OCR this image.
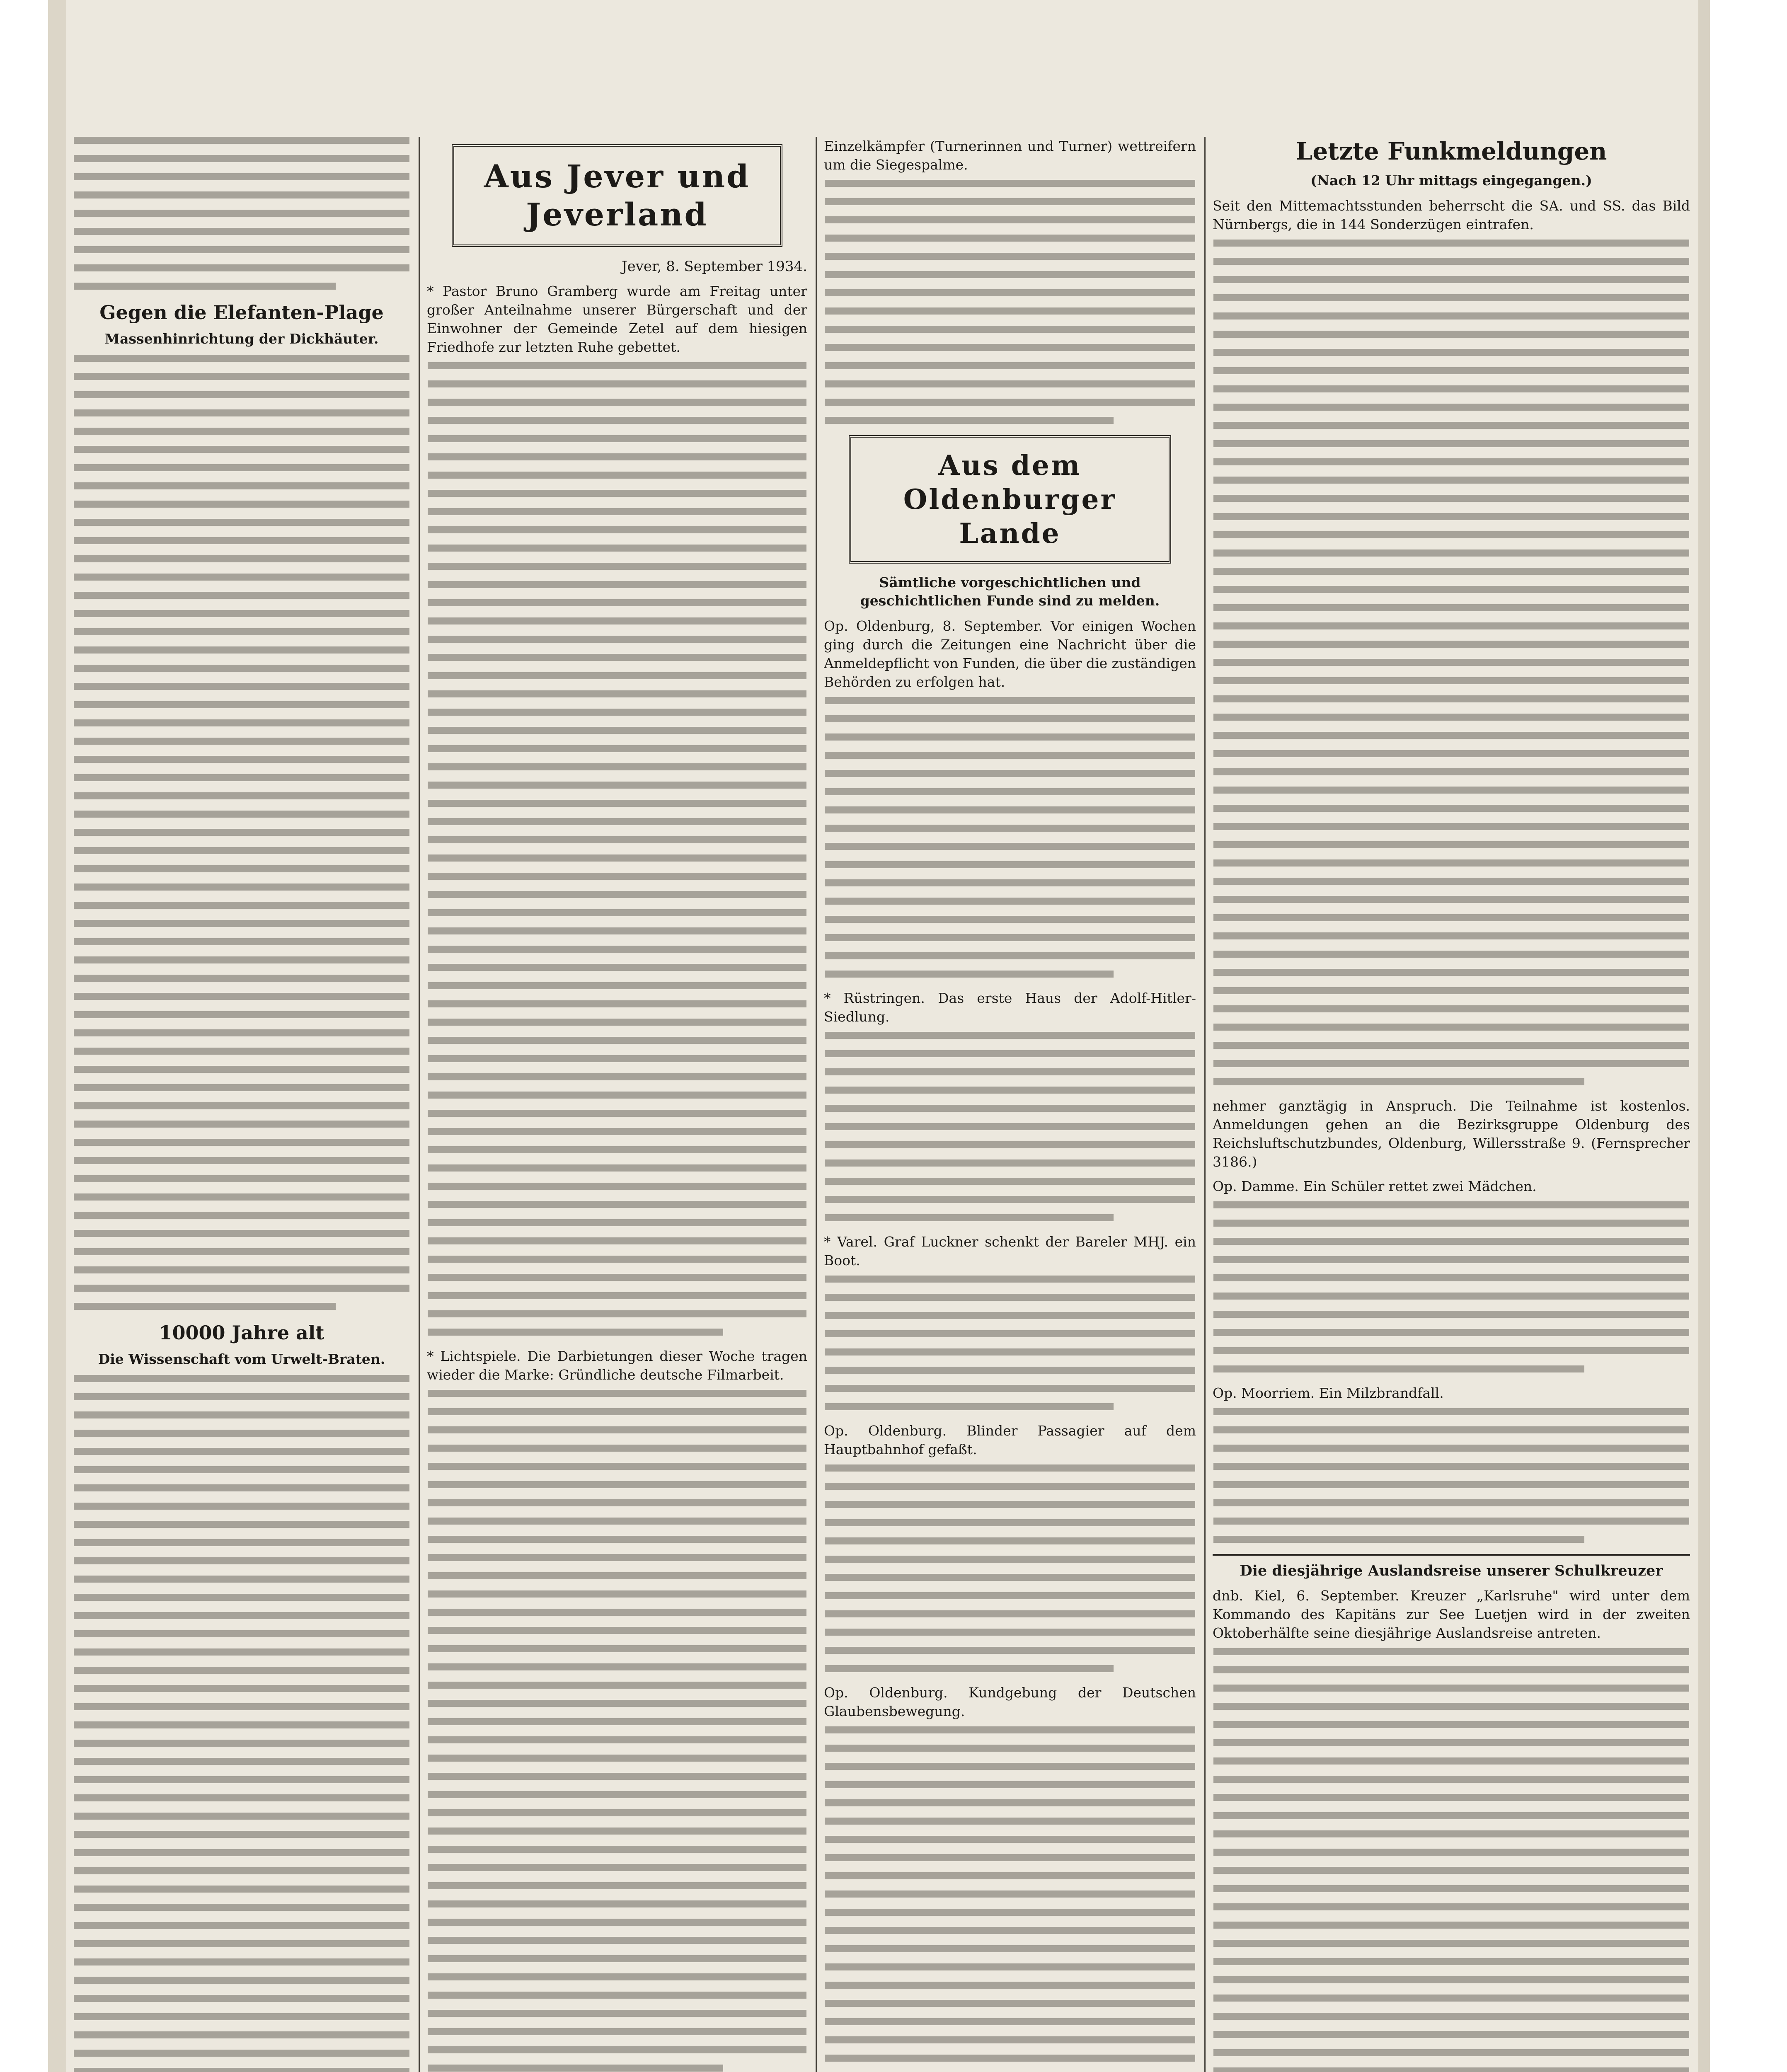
Gegen die Elefanten-Plage

Massenhinrichtung der Dickhäuter.

10000 Jahre alt

Die Wissenschaft vom Urwelt-Braten.

Aus Jever und Jeverland

Jever, 8. September 1934.

* Pastor Bruno Gramberg wurde am Freitag unter großer Anteilnahme unserer Bürgerschaft und der Einwohner der Gemeinde Zetel auf dem hiesigen Friedhofe zur letzten Ruhe gebettet.

* Lichtspiele. Die Darbietungen dieser Woche tragen wieder die Marke: Gründliche deutsche Filmarbeit.

Einzelkämpfer (Turnerinnen und Turner) wettreifern um die Siegespalme.

Aus dem Oldenburger Lande

Sämtliche vorgeschichtlichen und geschichtlichen Funde sind zu melden.

Op. Oldenburg, 8. September. Vor einigen Wochen ging durch die Zeitungen eine Nachricht über die Anmeldepflicht von Funden, die über die zuständigen Behörden zu erfolgen hat.

* Rüstringen. Das erste Haus der Adolf-Hitler-Siedlung.

* Varel. Graf Luckner schenkt der Bareler MHJ. ein Boot.

Op. Oldenburg. Blinder Passagier auf dem Hauptbahnhof gefaßt.

Op. Oldenburg. Kundgebung der Deutschen Glaubensbewegung.

Letzte Funkmeldungen

(Nach 12 Uhr mittags eingegangen.)

Seit den Mittemachtsstunden beherrscht die SA. und SS. das Bild Nürnbergs, die in 144 Sonderzügen eintrafen.

nehmer ganztägig in Anspruch. Die Teilnahme ist kostenlos. Anmeldungen gehen an die Bezirksgruppe Oldenburg des Reichsluftschutzbundes, Oldenburg, Willersstraße 9. (Fernsprecher 3186.)

Op. Damme. Ein Schüler rettet zwei Mädchen.

Op. Moorriem. Ein Milzbrandfall.

Die diesjährige Auslandsreise unserer Schulkreuzer

dnb. Kiel, 6. September. Kreuzer „Karlsruhe" wird unter dem Kommando des Kapitäns zur See Luetjen wird in der zweiten Oktoberhälfte seine diesjährige Auslandsreise antreten.
